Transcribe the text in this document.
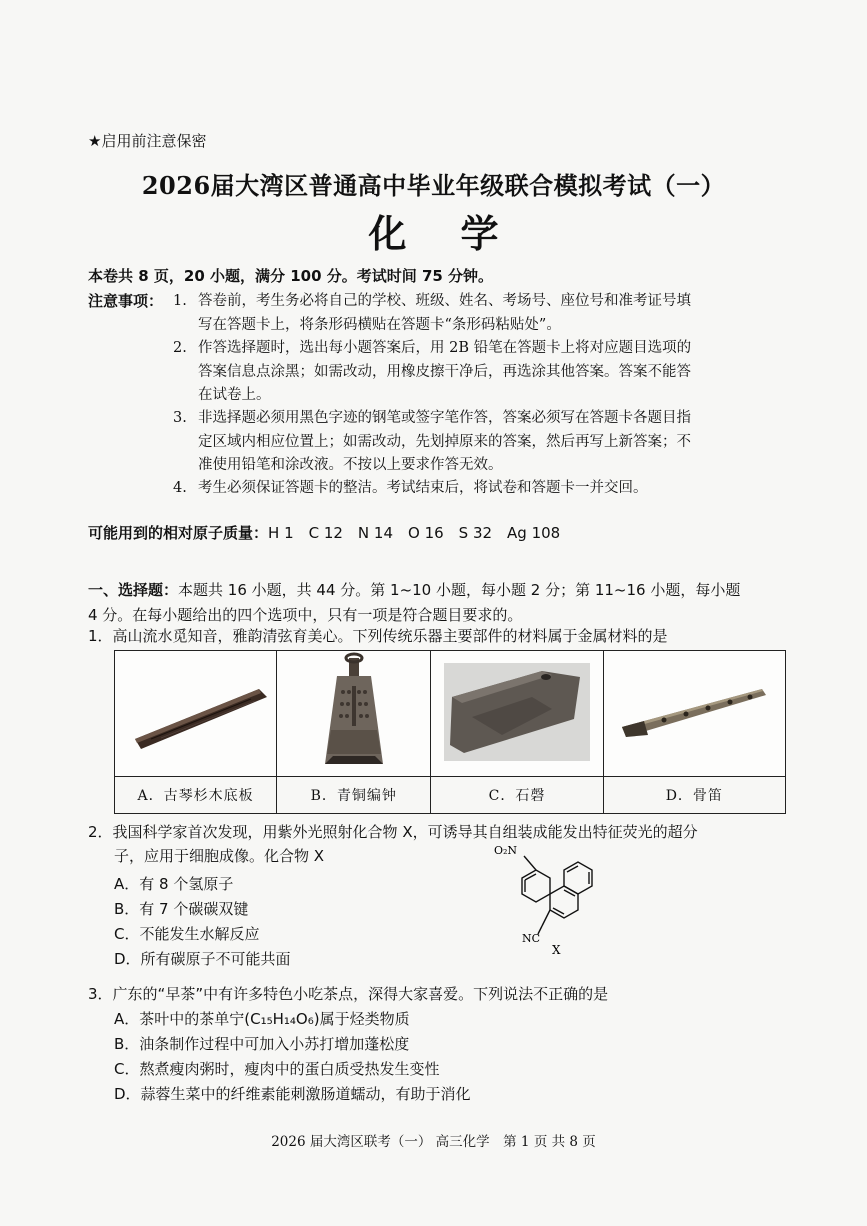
★启用前注意保密
2026届大湾区普通高中毕业年级联合模拟考试（一）
化学
本卷共 8 页，20 小题，满分 100 分。考试时间 75 分钟。
注意事项： 1. 答卷前，考生务必将自己的学校、班级、姓名、考场号、座位号和准考证号填
写在答题卡上，将条形码横贴在答题卡“条形码粘贴处”。
2. 作答选择题时，选出每小题答案后，用 2B 铅笔在答题卡上将对应题目选项的
答案信息点涂黑；如需改动，用橡皮擦干净后，再选涂其他答案。答案不能答
在试卷上。
3. 非选择题必须用黑色字迹的钢笔或签字笔作答，答案必须写在答题卡各题目指
定区域内相应位置上；如需改动，先划掉原来的答案，然后再写上新答案；不
准使用铅笔和涂改液。不按以上要求作答无效。
4. 考生必须保证答题卡的整洁。考试结束后，将试卷和答题卡一并交回。
可能用到的相对原子质量：H 1　C 12　N 14　O 16　S 32　Ag 108
一、选择题：本题共 16 小题，共 44 分。第 1~10 小题，每小题 2 分；第 11~16 小题，每小题
4 分。在每小题给出的四个选项中，只有一项是符合题目要求的。
1．高山流水觅知音，雅韵清弦育美心。下列传统乐器主要部件的材料属于金属材料的是

A．古琴杉木底板	B．青铜编钟	C．石磬	D．骨笛
2．我国科学家首次发现，用紫外光照射化合物 X，可诱导其自组装成能发出特征荧光的超分
子，应用于细胞成像。化合物 X
A．有 8 个氢原子
B．有 7 个碳碳双键
C．不能发生水解反应
D．所有碳原子不可能共面
O₂N
NC
X
3．广东的“早茶”中有许多特色小吃茶点，深得大家喜爱。下列说法不正确的是
A．茶叶中的茶单宁(C₁₅H₁₄O₆)属于烃类物质
B．油条制作过程中可加入小苏打增加蓬松度
C．熬煮瘦肉粥时，瘦肉中的蛋白质受热发生变性
D．蒜蓉生菜中的纤维素能刺激肠道蠕动，有助于消化
2026 届大湾区联考（一） 高三化学　第 1 页 共 8 页
